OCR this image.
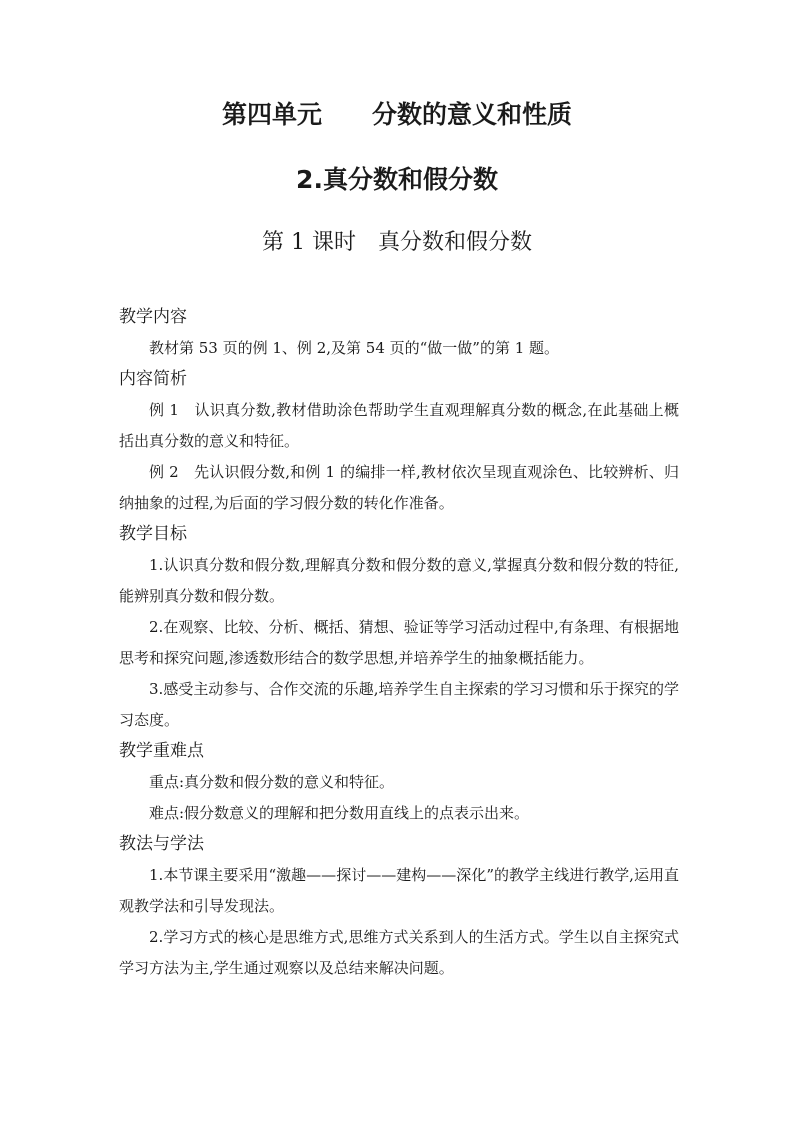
第四单元　　分数的意义和性质
2.真分数和假分数
第 1 课时　真分数和假分数

教学内容

教材第 53 页的例 1、例 2,及第 54 页的“做一做”的第 1 题。

内容简析

例 1　认识真分数,教材借助涂色帮助学生直观理解真分数的概念,在此基础上概括出真分数的意义和特征。

例 2　先认识假分数,和例 1 的编排一样,教材依次呈现直观涂色、比较辨析、归纳抽象的过程,为后面的学习假分数的转化作准备。

教学目标

1.认识真分数和假分数,理解真分数和假分数的意义,掌握真分数和假分数的特征,能辨别真分数和假分数。

2.在观察、比较、分析、概括、猜想、验证等学习活动过程中,有条理、有根据地思考和探究问题,渗透数形结合的数学思想,并培养学生的抽象概括能力。

3.感受主动参与、合作交流的乐趣,培养学生自主探索的学习习惯和乐于探究的学习态度。

教学重难点

重点:真分数和假分数的意义和特征。

难点:假分数意义的理解和把分数用直线上的点表示出来。

教法与学法

1.本节课主要采用“激趣——探讨——建构——深化”的教学主线进行教学,运用直观教学法和引导发现法。

2.学习方式的核心是思维方式,思维方式关系到人的生活方式。学生以自主探究式学习方法为主,学生通过观察以及总结来解决问题。
